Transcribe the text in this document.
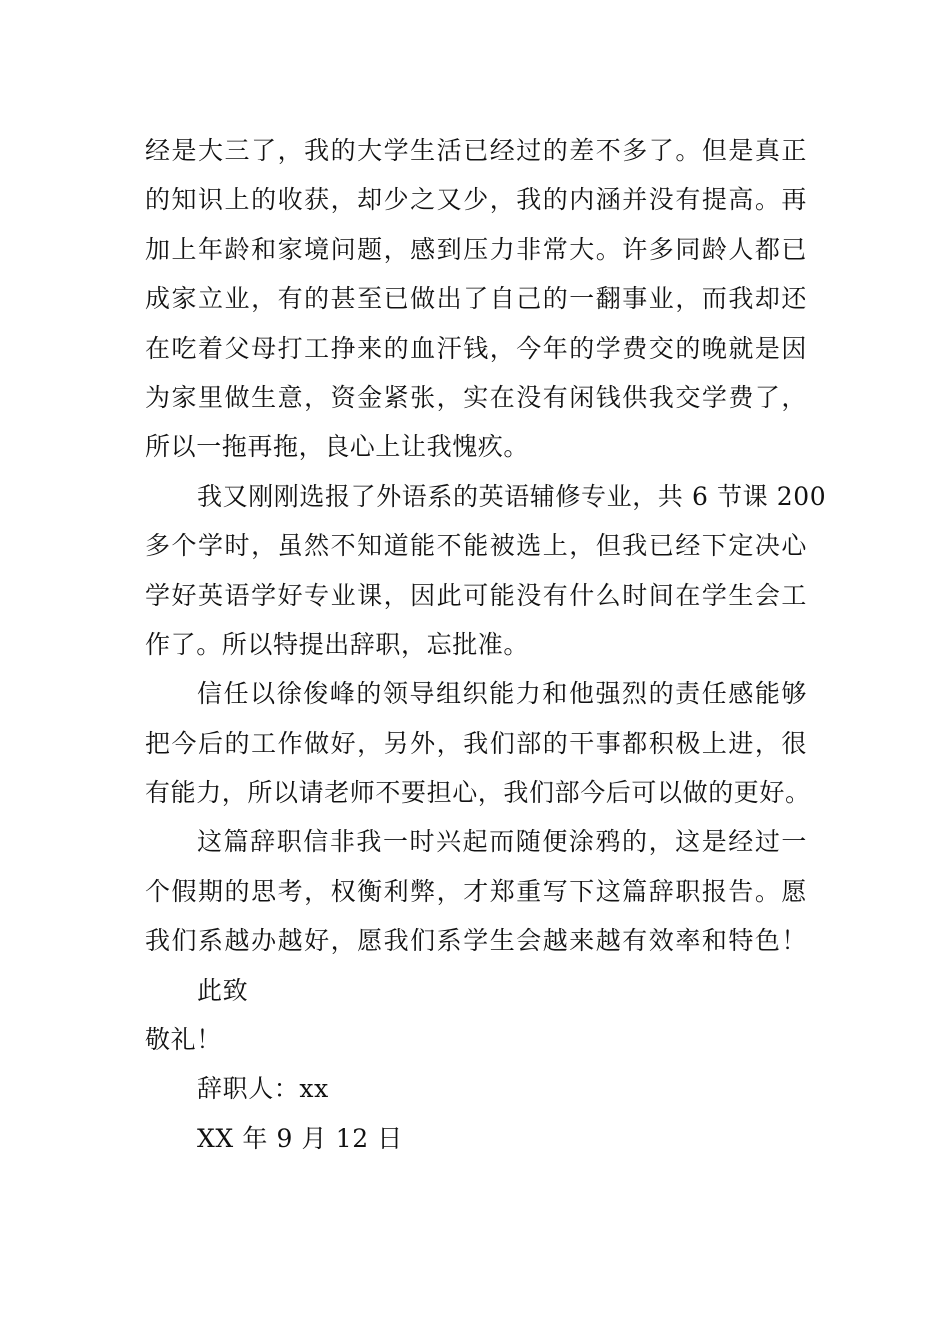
经是大三了，我的大学生活已经过的差不多了。但是真正
的知识上的收获，却少之又少，我的内涵并没有提高。再
加上年龄和家境问题，感到压力非常大。许多同龄人都已
成家立业，有的甚至已做出了自己的一翻事业，而我却还
在吃着父母打工挣来的血汗钱，今年的学费交的晚就是因
为家里做生意，资金紧张，实在没有闲钱供我交学费了，
所以一拖再拖，良心上让我愧疚。
我又刚刚选报了外语系的英语辅修专业，共 6 节课 200
多个学时，虽然不知道能不能被选上，但我已经下定决心
学好英语学好专业课，因此可能没有什么时间在学生会工
作了。所以特提出辞职，忘批准。
信任以徐俊峰的领导组织能力和他强烈的责任感能够
把今后的工作做好，另外，我们部的干事都积极上进，很
有能力，所以请老师不要担心，我们部今后可以做的更好。
这篇辞职信非我一时兴起而随便涂鸦的，这是经过一
个假期的思考，权衡利弊，才郑重写下这篇辞职报告。愿
我们系越办越好，愿我们系学生会越来越有效率和特色！
此致
敬礼！
辞职人：xx
XX 年 9 月 12 日
